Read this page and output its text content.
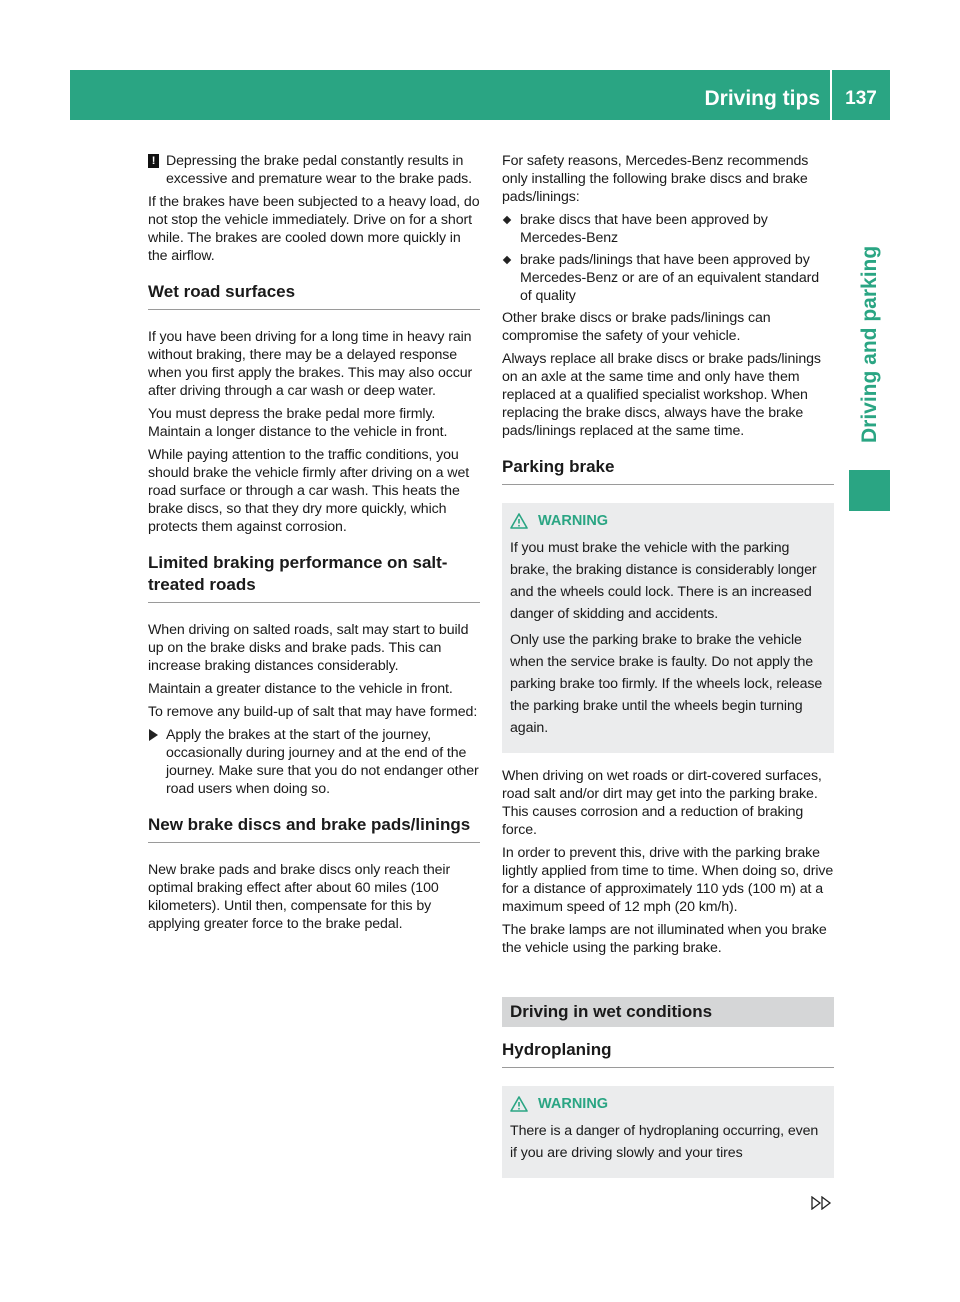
Driving tips	137
Driving and parking

! Depressing the brake pedal constantly results in excessive and premature wear to the brake pads.

If the brakes have been subjected to a heavy load, do not stop the vehicle immediately. Drive on for a short while. The brakes are cooled down more quickly in the airflow.

Wet road surfaces

If you have been driving for a long time in heavy rain without braking, there may be a delayed response when you first apply the brakes. This may also occur after driving through a car wash or deep water.

You must depress the brake pedal more firmly. Maintain a longer distance to the vehicle in front.

While paying attention to the traffic conditions, you should brake the vehicle firmly after driving on a wet road surface or through a car wash. This heats the brake discs, so that they dry more quickly, which protects them against corrosion.

Limited braking performance on salt-treated roads

When driving on salted roads, salt may start to build up on the brake disks and brake pads. This can increase braking distances considerably.

Maintain a greater distance to the vehicle in front.

To remove any build-up of salt that may have formed:

Apply the brakes at the start of the journey, occasionally during journey and at the end of the journey. Make sure that you do not endanger other road users when doing so.

New brake discs and brake pads/linings

New brake pads and brake discs only reach their optimal braking effect after about 60 miles (100 kilometers). Until then, compensate for this by applying greater force to the brake pedal.

For safety reasons, Mercedes-Benz recommends only installing the following brake discs and brake pads/linings:

brake discs that have been approved by Mercedes-Benz

brake pads/linings that have been approved by Mercedes-Benz or are of an equivalent standard of quality

Other brake discs or brake pads/linings can compromise the safety of your vehicle.

Always replace all brake discs or brake pads/linings on an axle at the same time and only have them replaced at a qualified specialist workshop. When replacing the brake discs, always have the brake pads/linings replaced at the same time.

Parking brake
WARNING

If you must brake the vehicle with the parking brake, the braking distance is considerably longer and the wheels could lock. There is an increased danger of skidding and accidents.

Only use the parking brake to brake the vehicle when the service brake is faulty. Do not apply the parking brake too firmly. If the wheels lock, release the parking brake until the wheels begin turning again.

When driving on wet roads or dirt-covered surfaces, road salt and/or dirt may get into the parking brake. This causes corrosion and a reduction of braking force.

In order to prevent this, drive with the parking brake lightly applied from time to time. When doing so, drive for a distance of approximately 110 yds (100 m) at a maximum speed of 12 mph (20 km/h).

The brake lamps are not illuminated when you brake the vehicle using the parking brake.

Driving in wet conditions
Hydroplaning
WARNING

There is a danger of hydroplaning occurring, even if you are driving slowly and your tires
